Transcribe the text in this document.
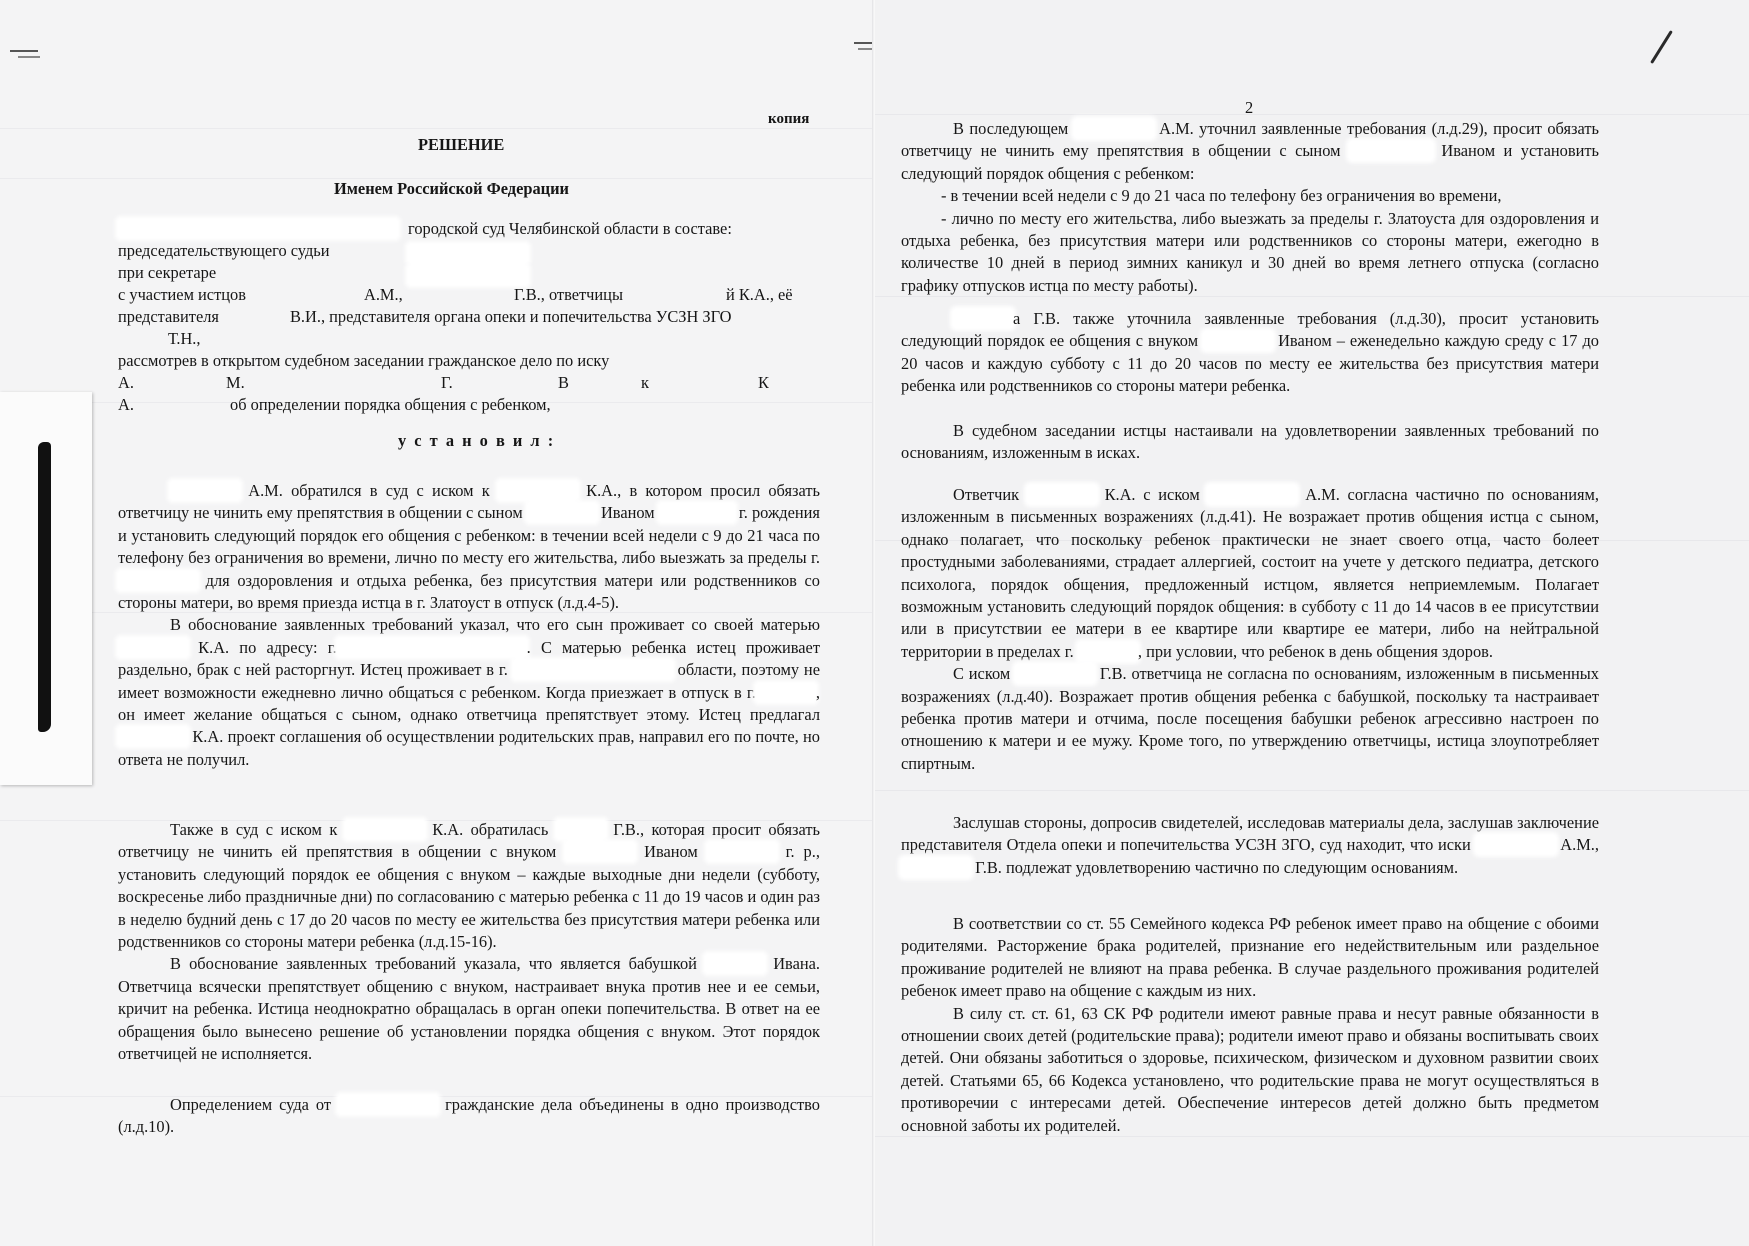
копия
РЕШЕНИЕ
Именем Российской Федерации

городской суд Челябинской области в составе:

председательствующего судьи

при секретаре

с участием истцов	А.М.,	Г.В., ответчицы	й К.А., её

представителя	В.И., представителя органа опеки и попечительства УСЗН ЗГО

Т.Н.,

рассмотрев в открытом судебном заседании гражданское дело по иску

А.	М.	Г.	В	к	К

А.	об определении порядка общения с ребенком,

у с т а н о в и л :

А.М. обратился в суд с иском к	К.А., в котором просил обязать ответчицу не чинить ему препятствия в общении с сыном	Иваном	г. рождения и установить следующий порядок его общения с ребенком: в течении всей недели с 9 до 21 часа по телефону без ограничения во времени, лично по месту его жительства, либо выезжать за пределы г.  для оздоровления и отдыха ребенка, без присутствия матери или родственников со стороны матери, во время приезда истца в г. Златоуст в отпуск (л.д.4-5).

В обоснование заявленных требований указал, что его сын проживает со своей матерью  К.А. по адресу: г.	. С матерью ребенка истец проживает раздельно, брак с ней расторгнут. Истец проживает в г.	области, поэтому не имеет возможности ежедневно лично общаться с ребенком. Когда приезжает в отпуск в г.	, он имеет желание общаться с сыном, однако ответчица препятствует этому. Истец предлагал  К.А. проект соглашения об осуществлении родительских прав, направил его по почте, но ответа не получил.

Также в суд с иском к	К.А. обратилась	Г.В., которая просит обязать ответчицу не чинить ей препятствия в общении с внуком	Иваном	г. р., установить следующий порядок ее общения с внуком – каждые выходные дни недели (субботу, воскресенье либо праздничные дни) по согласованию с матерью ребенка с 11 до 19 часов и один раз в неделю будний день с 17 до 20 часов по месту ее жительства без присутствия матери ребенка или родственников со стороны матери ребенка (л.д.15-16).

В обоснование заявленных требований указала, что является бабушкой	Ивана. Ответчица всячески препятствует общению с внуком, настраивает внука против нее и ее семьи, кричит на ребенка. Истица неоднократно обращалась в орган опеки попечительства. В ответ на ее обращения было вынесено решение об установлении порядка общения с внуком. Этот порядок ответчицей не исполняется.

Определением суда от	гражданские дела объединены в одно производство (л.д.10).

2

В последующем	А.М. уточнил заявленные требования (л.д.29), просит обязать ответчицу не чинить ему препятствия в общении с сыном	Иваном и установить следующий порядок общения с ребенком:

- в течении всей недели с 9 до 21 часа по телефону без ограничения во времени,

- лично по месту его жительства, либо выезжать за пределы г. Златоуста для оздоровления и отдыха ребенка, без присутствия матери или родственников со стороны матери, ежегодно в количестве 10 дней в период зимних каникул и 30 дней во время летнего отпуска (согласно графику отпусков истца по месту работы).

а Г.В. также уточнила заявленные требования (л.д.30), просит установить следующий порядок ее общения с внуком	Иваном – еженедельно каждую среду с 17 до 20 часов и каждую субботу с 11 до 20 часов по месту ее жительства без присутствия матери ребенка или родственников со стороны матери ребенка.

В судебном заседании истцы настаивали на удовлетворении заявленных требований по основаниям, изложенным в исках.

Ответчик	К.А. с иском	А.М. согласна частично по основаниям, изложенным в письменных возражениях (л.д.41). Не возражает против общения истца с сыном, однако полагает, что поскольку ребенок практически не знает своего отца, часто болеет простудными заболеваниями, страдает аллергией, состоит на учете у детского педиатра, детского психолога, порядок общения, предложенный истцом, является неприемлемым. Полагает возможным установить следующий порядок общения: в субботу с 11 до 14 часов в ее присутствии или в присутствии ее матери в ее квартире или квартире ее матери, либо на нейтральной территории в пределах г.	, при условии, что ребенок в день общения здоров.

С иском	Г.В. ответчица не согласна по основаниям, изложенным в письменных возражениях (л.д.40). Возражает против общения ребенка с бабушкой, поскольку та настраивает ребенка против матери и отчима, после посещения бабушки ребенок агрессивно настроен по отношению к матери и ее мужу. Кроме того, по утверждению ответчицы, истица злоупотребляет спиртным.

Заслушав стороны, допросив свидетелей, исследовав материалы дела, заслушав заключение представителя Отдела опеки и попечительства УСЗН ЗГО, суд находит, что иски	А.М.,  Г.В. подлежат удовлетворению частично по следующим основаниям.

В соответствии со ст. 55 Семейного кодекса РФ ребенок имеет право на общение с обоими родителями. Расторжение брака родителей, признание его недействительным или раздельное проживание родителей не влияют на права ребенка. В случае раздельного проживания родителей ребенок имеет право на общение с каждым из них.

В силу ст. ст. 61, 63 СК РФ родители имеют равные права и несут равные обязанности в отношении своих детей (родительские права); родители имеют право и обязаны воспитывать своих детей. Они обязаны заботиться о здоровье, психическом, физическом и духовном развитии своих детей. Статьями 65, 66 Кодекса установлено, что родительские права не могут осуществляться в противоречии с интересами детей. Обеспечение интересов детей должно быть предметом основной заботы их родителей.
